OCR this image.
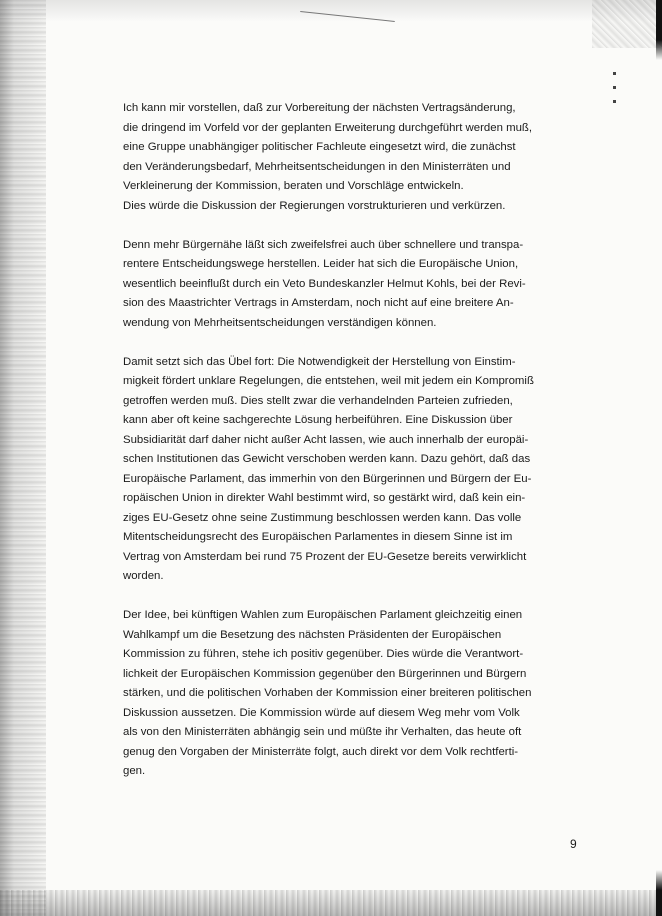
Ich kann mir vorstellen, daß zur Vorbereitung der nächsten Vertragsänderung,
die dringend im Vorfeld vor der geplanten Erweiterung durchgeführt werden muß,
eine Gruppe unabhängiger politischer Fachleute eingesetzt wird, die zunächst
den Veränderungsbedarf, Mehrheitsentscheidungen in den Ministerräten und
Verkleinerung der Kommission, beraten und Vorschläge entwickeln.
Dies würde die Diskussion der Regierungen vorstrukturieren und verkürzen.

Denn mehr Bürgernähe läßt sich zweifelsfrei auch über schnellere und transpa-
rentere Entscheidungswege herstellen. Leider hat sich die Europäische Union,
wesentlich beeinflußt durch ein Veto Bundeskanzler Helmut Kohls, bei der Revi-
sion des Maastrichter Vertrags in Amsterdam, noch nicht auf eine breitere An-
wendung von Mehrheitsentscheidungen verständigen können.

Damit setzt sich das Übel fort: Die Notwendigkeit der Herstellung von Einstim-
migkeit fördert unklare Regelungen, die entstehen, weil mit jedem ein Kompromiß
getroffen werden muß. Dies stellt zwar die verhandelnden Parteien zufrieden,
kann aber oft keine sachgerechte Lösung herbeiführen. Eine Diskussion über
Subsidiarität darf daher nicht außer Acht lassen, wie auch innerhalb der europäi-
schen Institutionen das Gewicht verschoben werden kann. Dazu gehört, daß das
Europäische Parlament, das immerhin von den Bürgerinnen und Bürgern der Eu-
ropäischen Union in direkter Wahl bestimmt wird, so gestärkt wird, daß kein ein-
ziges EU-Gesetz ohne seine Zustimmung beschlossen werden kann. Das volle
Mitentscheidungsrecht des Europäischen Parlamentes in diesem Sinne ist im
Vertrag von Amsterdam bei rund 75 Prozent der EU-Gesetze bereits verwirklicht
worden.

Der Idee, bei künftigen Wahlen zum Europäischen Parlament gleichzeitig einen
Wahlkampf um die Besetzung des nächsten Präsidenten der Europäischen
Kommission zu führen, stehe ich positiv gegenüber. Dies würde die Verantwort-
lichkeit der Europäischen Kommission gegenüber den Bürgerinnen und Bürgern
stärken, und die politischen Vorhaben der Kommission einer breiteren politischen
Diskussion aussetzen. Die Kommission würde auf diesem Weg mehr vom Volk
als von den Ministerräten abhängig sein und müßte ihr Verhalten, das heute oft
genug den Vorgaben der Ministerräte folgt, auch direkt vor dem Volk rechtferti-
gen.

9
